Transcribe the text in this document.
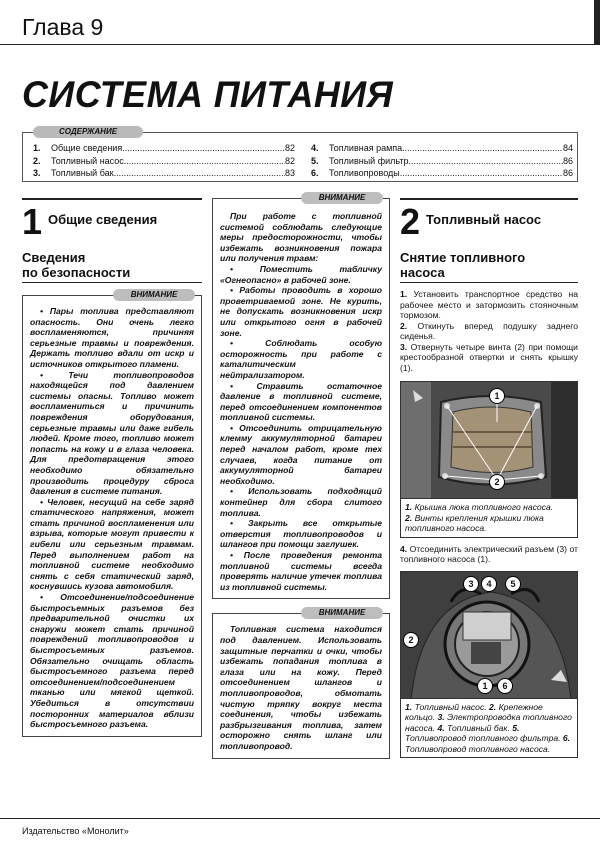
Глава 9
СИСТЕМА ПИТАНИЯ
СОДЕРЖАНИЕ
1.	Общие сведения .....	82
2.	Топливный насос .....	82
3.	Топливный бак .....	83
4.	Топливная рампа .....	84
5.	Топливный фильтр .....	86
6.	Топливопроводы .....	86
1 Общие сведения
Сведения
по безопасности
ВНИМАНИЕ

• Пары топлива представляют опасность. Они очень легко воспламеняются, причиняя серьезные травмы и повреждения. Держать топливо вдали от искр и источников открытого пламени.

• Течи топливопроводов находящейся под давлением системы опасны. Топливо может воспламениться и причинить повреждения оборудования, серьезные травмы или даже гибель людей. Кроме того, топливо может попасть на кожу и в глаза человека. Для предотвращения этого необходимо обязательно производить процедуру сброса давления в системе питания.

• Человек, несущий на себе заряд статического напряжения, может стать причиной воспламенения или взрыва, которые могут привести к гибели или серьезным травмам. Перед выполнением работ на топливной системе необходимо снять с себя статический заряд, коснувшись кузова автомобиля.

• Отсоединение/подсоединение быстросъемных разъемов без предварительной очистки их снаружи может стать причиной повреждений топливопроводов и быстросъемных разъемов. Обязательно очищать область быстросъемного разъема перед отсоединением/подсоединением тканью или мягкой щеткой. Убедиться в отсутствии посторонних материалов вблизи быстросъемного разъема.

ВНИМАНИЕ

При работе с топливной системой соблюдать следующие меры предосторожности, чтобы избежать возникновения пожара или получения травм:

• Поместить табличку «Огнеопасно» в рабочей зоне.

• Работы проводить в хорошо проветриваемой зоне. Не курить, не допускать возникновения искр или открытого огня в рабочей зоне.

• Соблюдать особую осторожность при работе с каталитическим нейтрализатором.

• Стравить остаточное давление в топливной системе, перед отсоединением компонентов топливной системы.

• Отсоединить отрицательную клемму аккумуляторной батареи перед началом работ, кроме тех случаев, когда питание от аккумуляторной батареи необходимо.

• Использовать подходящий контейнер для сбора слитого топлива.

• Закрыть все открытые отверстия топливопроводов и шлангов при помощи заглушек.

• После проведения ремонта топливной системы всегда проверять наличие утечек топлива из топливной системы.

ВНИМАНИЕ

Топливная система находится под давлением. Использовать защитные перчатки и очки, чтобы избежать попадания топлива в глаза или на кожу. Перед отсоединением шлангов и топливопроводов, обмотать чистую тряпку вокруг места соединения, чтобы избежать разбрызгивания топлива, затем осторожно снять шланг или топливопровод.

2 Топливный насос
Снятие топливного
насоса

1. Установить транспортное средство на рабочее место и затормозить стояночным тормозом.

2. Откинуть вперед подушку заднего сиденья.

3. Отвернуть четыре винта (2) при помощи крестообразной отвертки и снять крышку (1).

1
2
1. Крышка люка топливного насоса.
2. Винты крепления крышки люка топливного насоса.

4. Отсоединить электрический разъем (3) от топливного насоса (1).

3	4	5
2
1	6
1. Топливный насос. 2. Крепежное кольцо. 3. Электропроводка топливного насоса. 4. Топливный бак. 5. Топливопровод топливного фильтра. 6. Топливопровод топливного насоса.
Издательство «Монолит»
